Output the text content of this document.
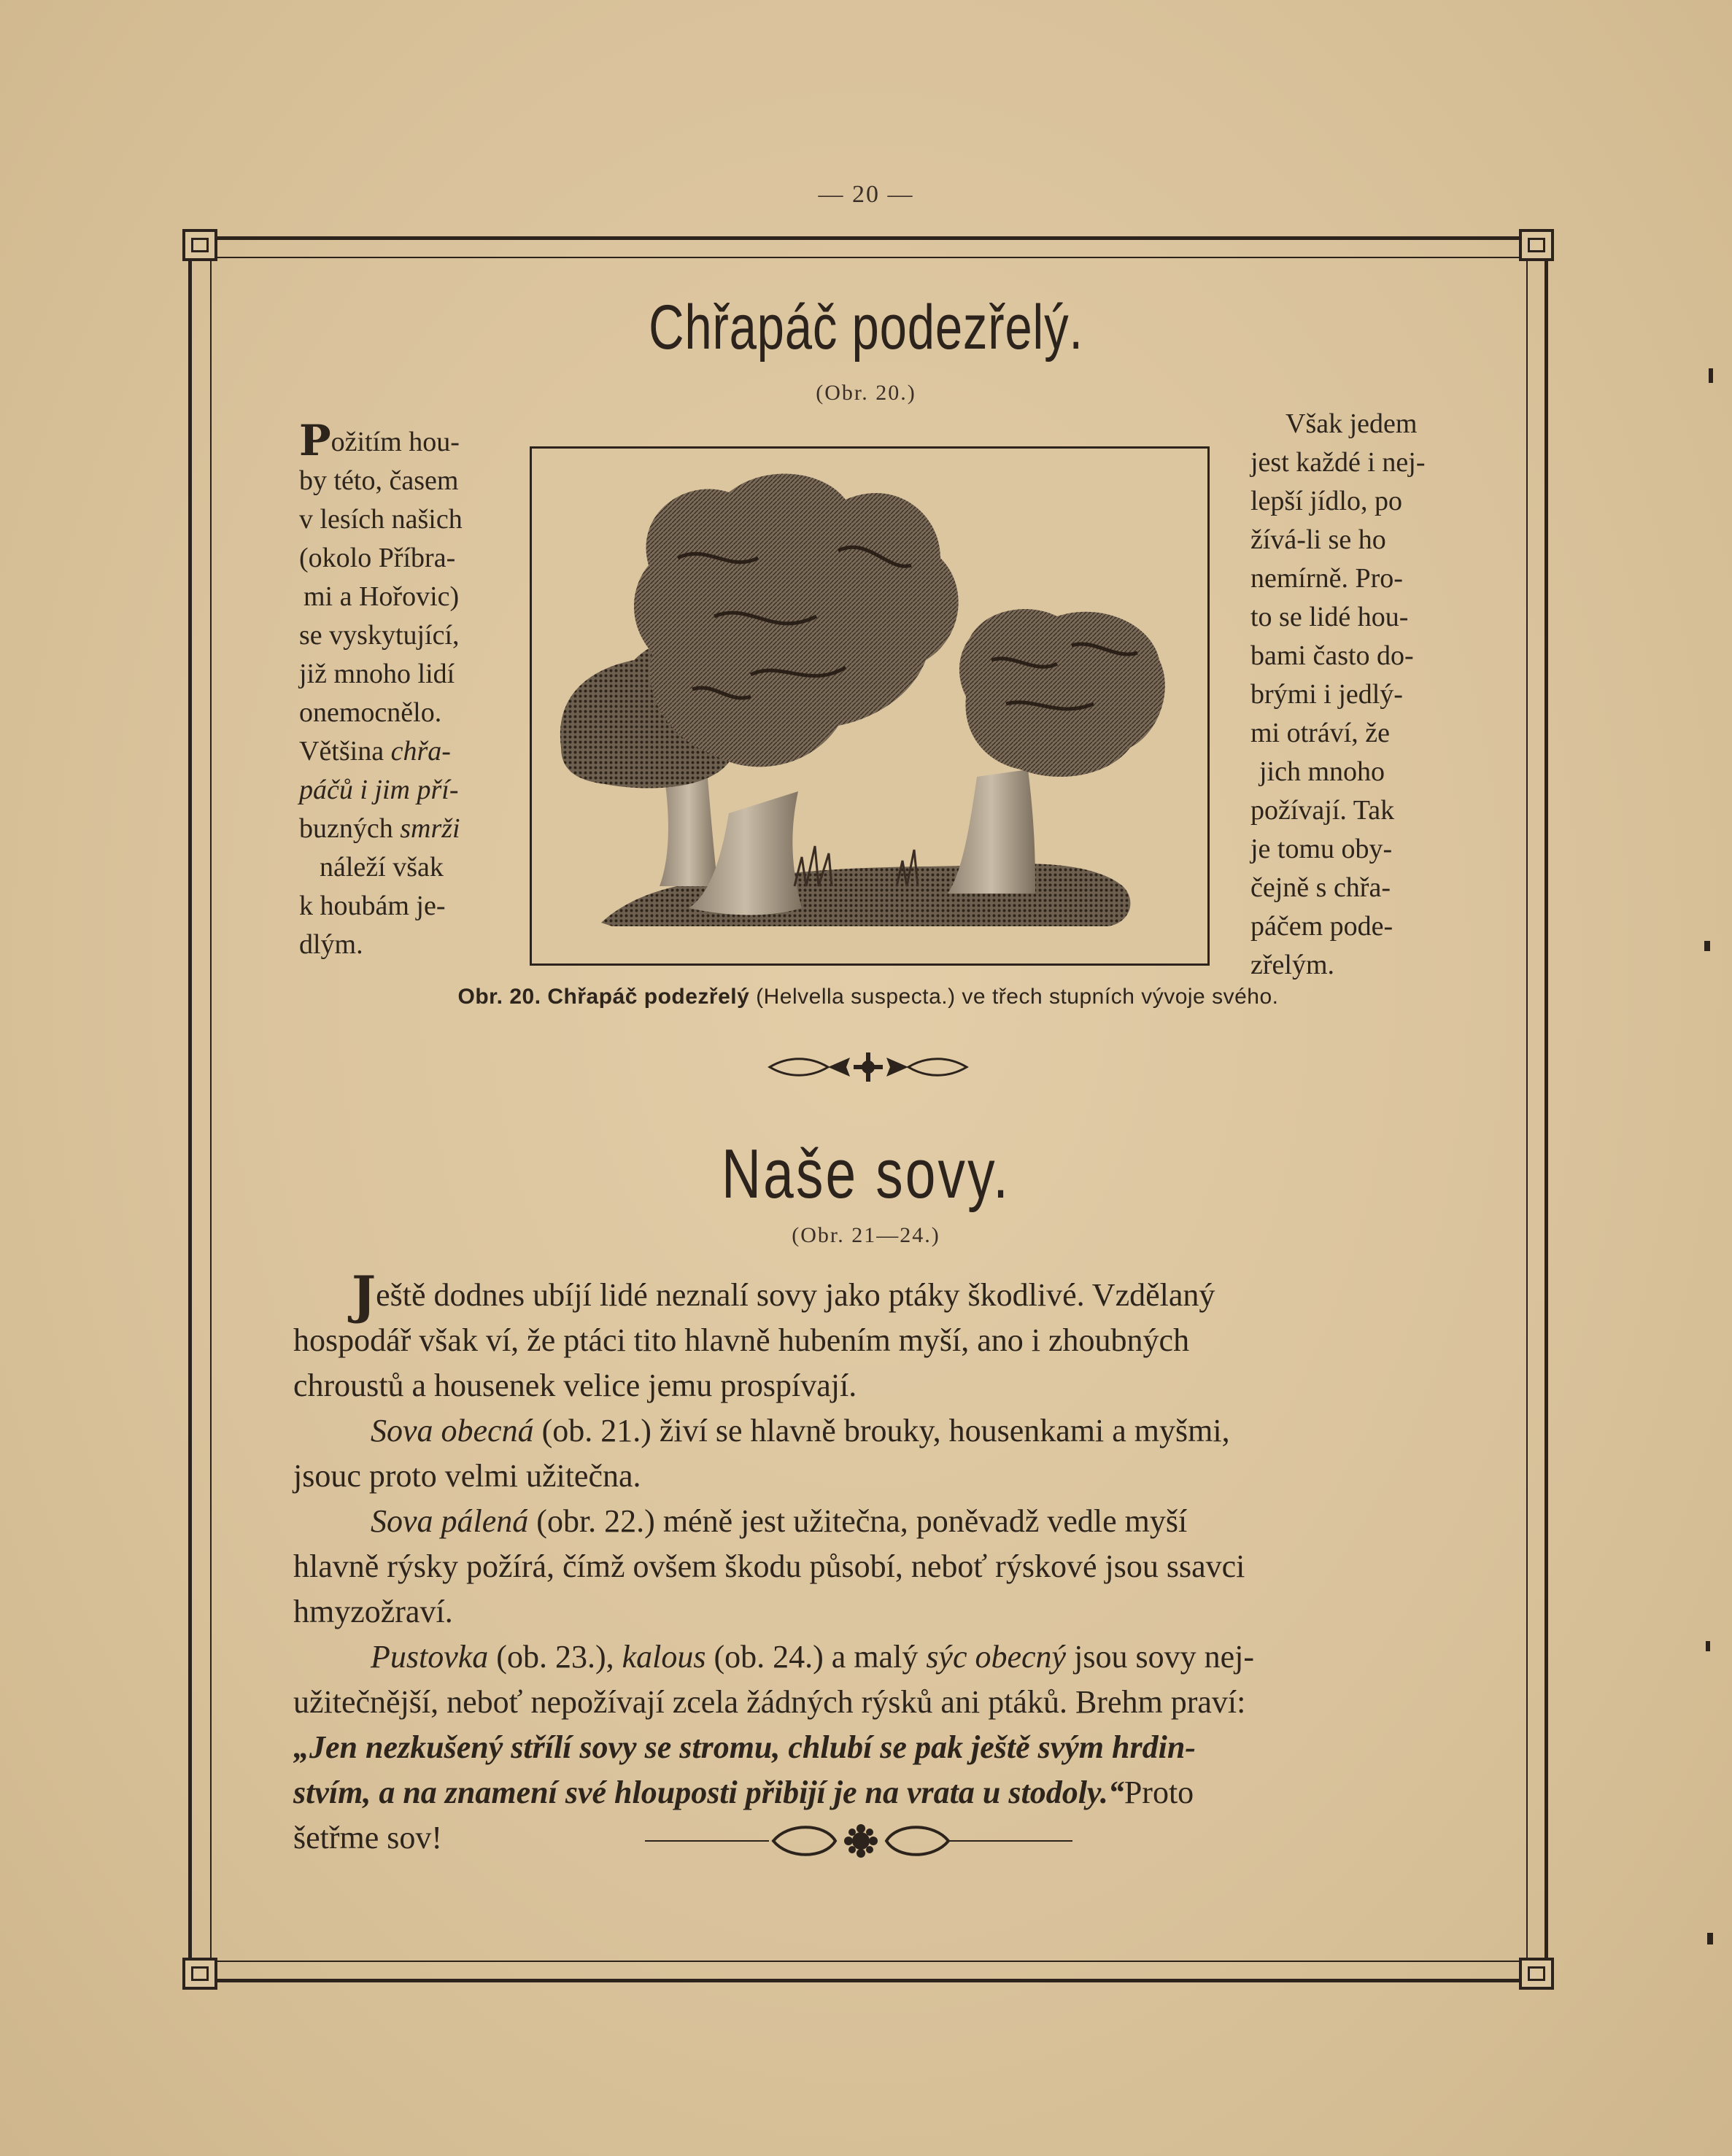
— 20 —
Chřapáč podezřelý.
(Obr. 20.)
Požitím hou-
by této, časem
v lesích našich
(okolo Příbra-
mi a Hořovic)
se vyskytující,
již mnoho lidí
onemocnělo.
Většina chřa-
páčů i jim pří-
buzných smrži
náleží však
k houbám je-
dlým.
Však jedem
jest každé i nej-
lepší jídlo, po
žívá-li se ho
nemírně. Pro-
to se lidé hou-
bami často do-
brými i jedlý-
mi otráví, že
jich mnoho
požívají. Tak
je tomu oby-
čejně s chřa-
páčem pode-
zřelým.
Obr. 20. Chřapáč podezřelý (Helvella suspecta.) ve třech stupních vývoje svého.
Naše sovy.
(Obr. 21—24.)
Ještě dodnes ubíjí lidé neznalí sovy jako ptáky škodlivé. Vzdělaný
hospodář však ví, že ptáci tito hlavně hubením myší, ano i zhoubných
chroustů a housenek velice jemu prospívají.
Sova obecná (ob. 21.) živí se hlavně brouky, housenkami a myšmi,
jsouc proto velmi užitečna.
Sova pálená (obr. 22.) méně jest užitečna, poněvadž vedle myší
hlavně rýsky požírá, čímž ovšem škodu působí, neboť rýskové jsou ssavci
hmyzožraví.
Pustovka (ob. 23.), kalous (ob. 24.) a malý sýc obecný jsou sovy nej-
užitečnější, neboť nepožívají zcela žádných rýsků ani ptáků. Brehm praví:
„Jen nezkušený střílí sovy se stromu, chlubí se pak ještě svým hrdin-
stvím, a na znamení své hlouposti přibijí je na vrata u stodoly.“ Proto
šetřme sov!
